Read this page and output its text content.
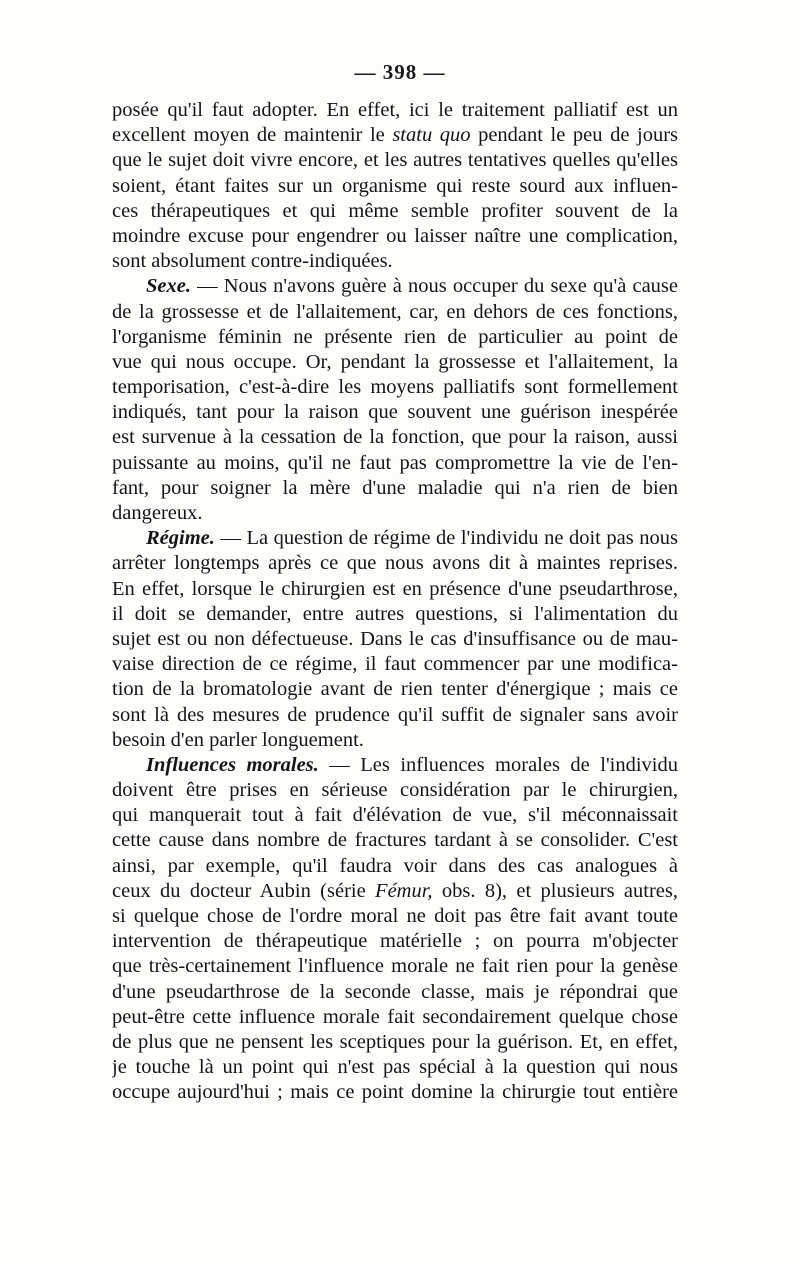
— 398 —
posée qu'il faut adopter. En effet, ici le traitement palliatif est un
excellent moyen de maintenir le statu quo pendant le peu de jours
que le sujet doit vivre encore, et les autres tentatives quelles qu'elles
soient, étant faites sur un organisme qui reste sourd aux influen-
ces thérapeutiques et qui même semble profiter souvent de la
moindre excuse pour engendrer ou laisser naître une complication,
sont absolument contre-indiquées.
Sexe. — Nous n'avons guère à nous occuper du sexe qu'à cause
de la grossesse et de l'allaitement, car, en dehors de ces fonctions,
l'organisme féminin ne présente rien de particulier au point de
vue qui nous occupe. Or, pendant la grossesse et l'allaitement, la
temporisation, c'est-à-dire les moyens palliatifs sont formellement
indiqués, tant pour la raison que souvent une guérison inespérée
est survenue à la cessation de la fonction, que pour la raison, aussi
puissante au moins, qu'il ne faut pas compromettre la vie de l'en-
fant, pour soigner la mère d'une maladie qui n'a rien de bien
dangereux.
Régime. — La question de régime de l'individu ne doit pas nous
arrêter longtemps après ce que nous avons dit à maintes reprises.
En effet, lorsque le chirurgien est en présence d'une pseudarthrose,
il doit se demander, entre autres questions, si l'alimentation du
sujet est ou non défectueuse. Dans le cas d'insuffisance ou de mau-
vaise direction de ce régime, il faut commencer par une modifica-
tion de la bromatologie avant de rien tenter d'énergique ; mais ce
sont là des mesures de prudence qu'il suffit de signaler sans avoir
besoin d'en parler longuement.
Influences morales. — Les influences morales de l'individu
doivent être prises en sérieuse considération par le chirurgien,
qui manquerait tout à fait d'élévation de vue, s'il méconnaissait
cette cause dans nombre de fractures tardant à se consolider. C'est
ainsi, par exemple, qu'il faudra voir dans des cas analogues à
ceux du docteur Aubin (série Fémur, obs. 8), et plusieurs autres,
si quelque chose de l'ordre moral ne doit pas être fait avant toute
intervention de thérapeutique matérielle ; on pourra m'objecter
que très-certainement l'influence morale ne fait rien pour la genèse
d'une pseudarthrose de la seconde classe, mais je répondrai que
peut-être cette influence morale fait secondairement quelque chose
de plus que ne pensent les sceptiques pour la guérison. Et, en effet,
je touche là un point qui n'est pas spécial à la question qui nous
occupe aujourd'hui ; mais ce point domine la chirurgie tout entière
